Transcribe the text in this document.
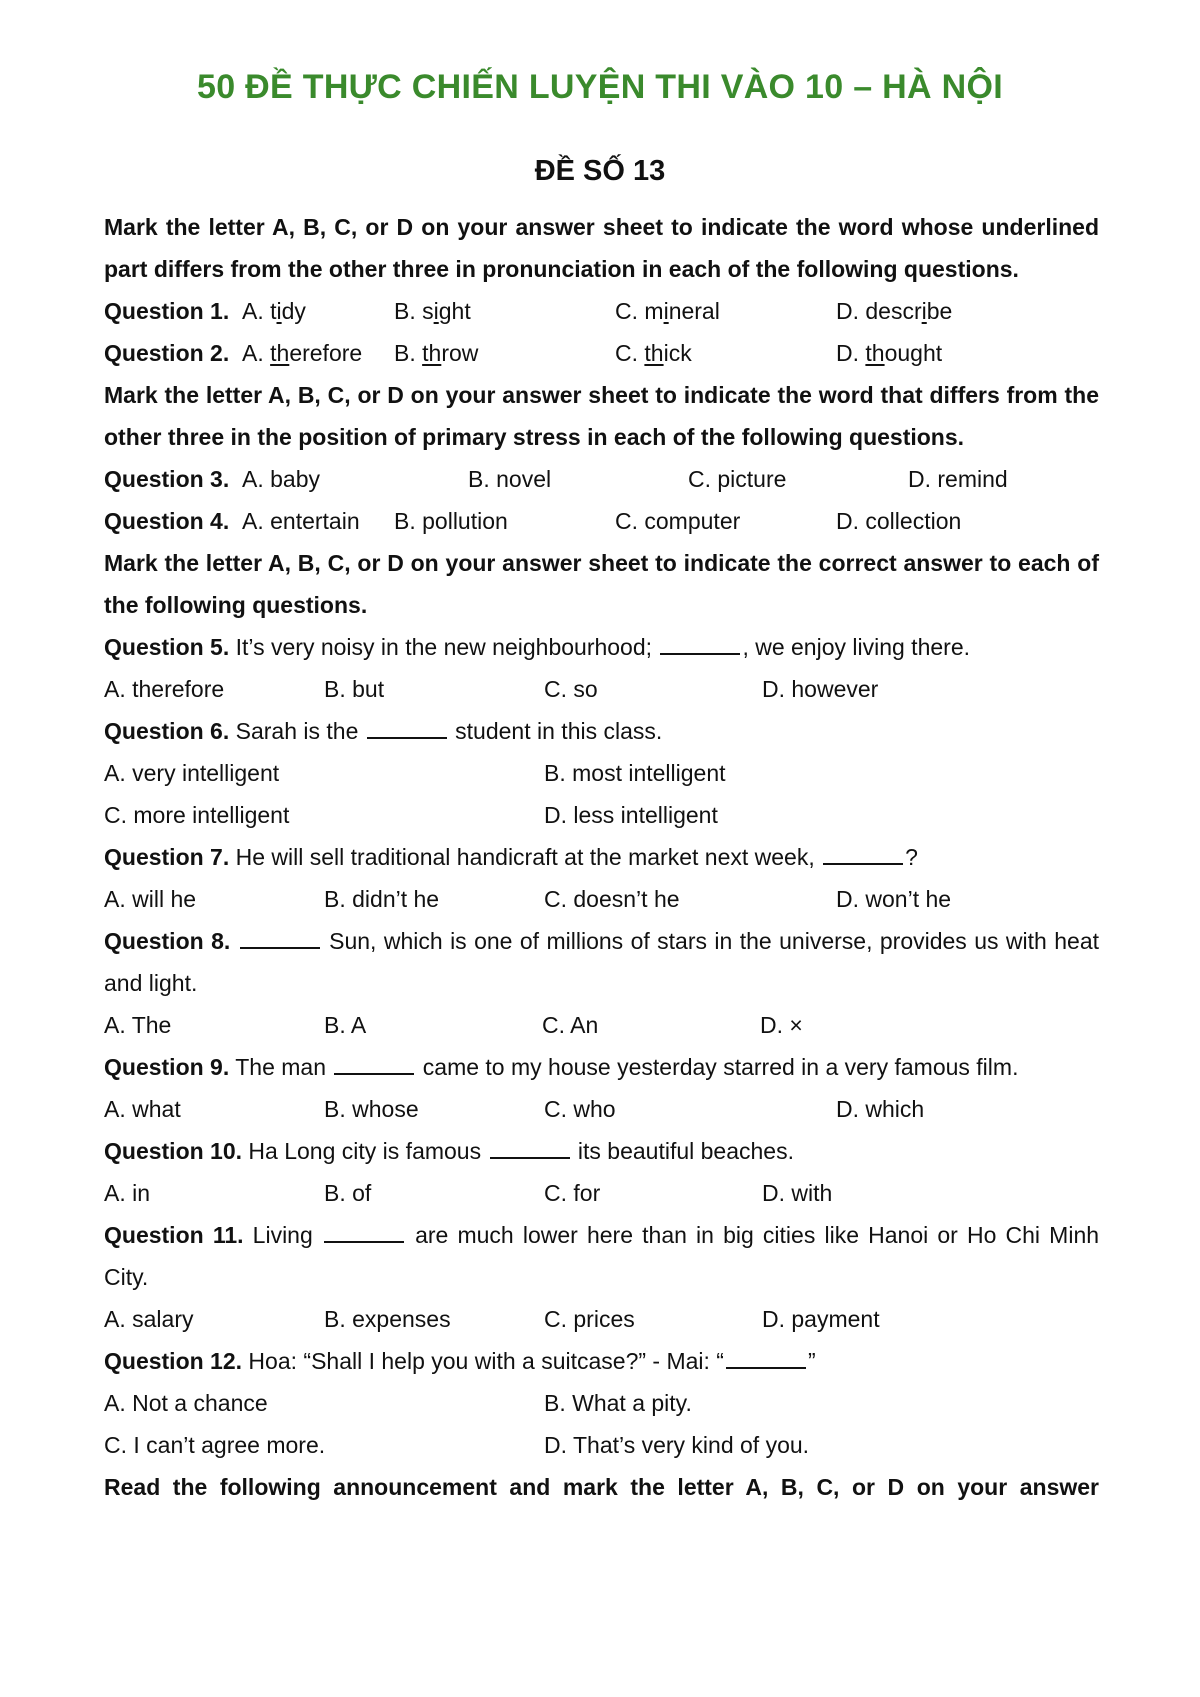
50 ĐỀ THỰC CHIẾN LUYỆN THI VÀO 10 – HÀ NỘI
ĐỀ SỐ 13
Mark the letter A, B, C, or D on your answer sheet to indicate the word whose underlined part differs from the other three in pronunciation in each of the following questions.
Question 1. A. tidy	B. sight	C. mineral	D. describe
Question 2. A. therefore B. throw	C. thick	D. thought
Mark the letter A, B, C, or D on your answer sheet to indicate the word that differs from the other three in the position of primary stress in each of the following questions.
Question 3. A. baby	B. novel	C. picture	D. remind
Question 4. A. entertain B. pollution	C. computer	D. collection
Mark the letter A, B, C, or D on your answer sheet to indicate the correct answer to each of the following questions.
Question 5. It’s very noisy in the new neighbourhood;	, we enjoy living there.
A. therefore	B. but	C. so	D. however
Question 6. Sarah is the	student in this class.
A. very intelligent	B. most intelligent
C. more intelligent	D. less intelligent
Question 7. He will sell traditional handicraft at the market next week,	?
A. will he	B. didn’t he	C. doesn’t he	D. won’t he
Question 8.	Sun, which is one of millions of stars in the universe, provides us with heat and light.
A. The	B. A	C. An	D. ×
Question 9. The man	came to my house yesterday starred in a very famous film.
A. what	B. whose	C. who	D. which
Question 10. Ha Long city is famous	its beautiful beaches.
A. in	B. of	C. for	D. with
Question 11. Living	are much lower here than in big cities like Hanoi or Ho Chi Minh City.
A. salary	B. expenses	C. prices	D. payment
Question 12. Hoa: “Shall I help you with a suitcase?” - Mai: “	”
A. Not a chance	B. What a pity.
C. I can’t agree more.	D. That’s very kind of you.
Read the following announcement and mark the letter A, B, C, or D on your answer
